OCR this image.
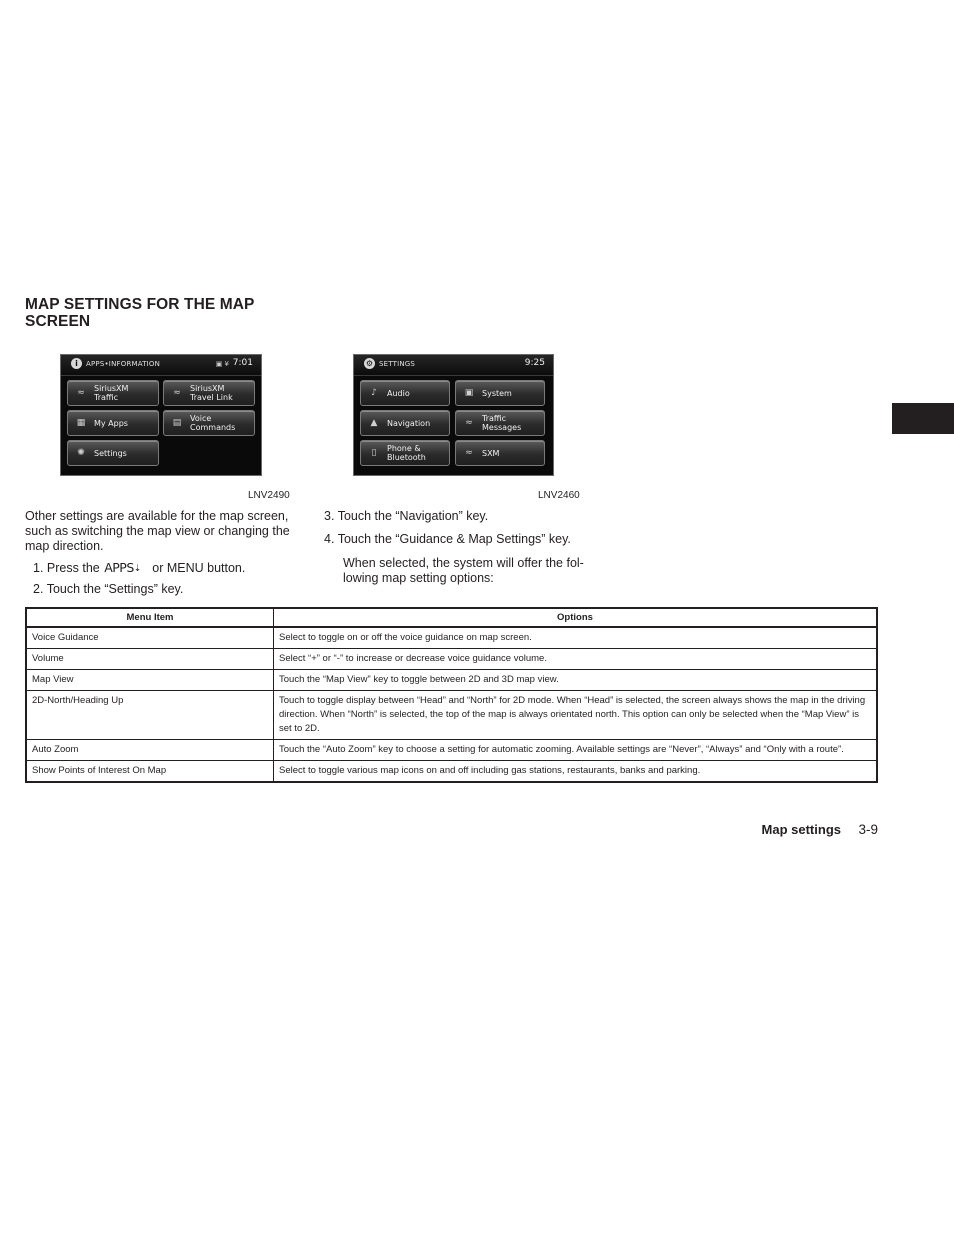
MAP SETTINGS FOR THE MAP SCREEN
i	APPS•INFORMATION	▣ ¥ 7:01
≈	SiriusXM
Traffic	≈	SiriusXM
Travel Link
▦	My Apps	▤	Voice
Commands
✺	Settings
LNV2490
⚙ SETTINGS	9:25
♪	Audio	▣	System
▲	Navigation	≈	Traffic
Messages
▯	Phone &
Bluetooth	≈	SXM
LNV2460
Other settings are available for the map screen, such as switching the map view or changing the map direction.
1. Press the APPS⇣ or MENU button.
2. Touch the “Settings” key.
3. Touch the “Navigation” key.
4. Touch the “Guidance & Map Settings” key.
When selected, the system will offer the fol-lowing map setting options:
Menu Item	Options
Voice Guidance	Select to toggle on or off the voice guidance on map screen.
Volume	Select “+” or “-” to increase or decrease voice guidance volume.
Map View	Touch the “Map View” key to toggle between 2D and 3D map view.
2D-North/Heading Up	Touch to toggle display between “Head” and “North” for 2D mode. When “Head” is selected, the screen always shows the map in the driving direction. When “North” is selected, the top of the map is always orientated north. This option can only be selected when the “Map View” is set to 2D.
Auto Zoom	Touch the “Auto Zoom” key to choose a setting for automatic zooming. Available settings are “Never”, “Always” and “Only with a route”.
Show Points of Interest On Map	Select to toggle various map icons on and off including gas stations, restaurants, banks and parking.
Map settings 3-9
